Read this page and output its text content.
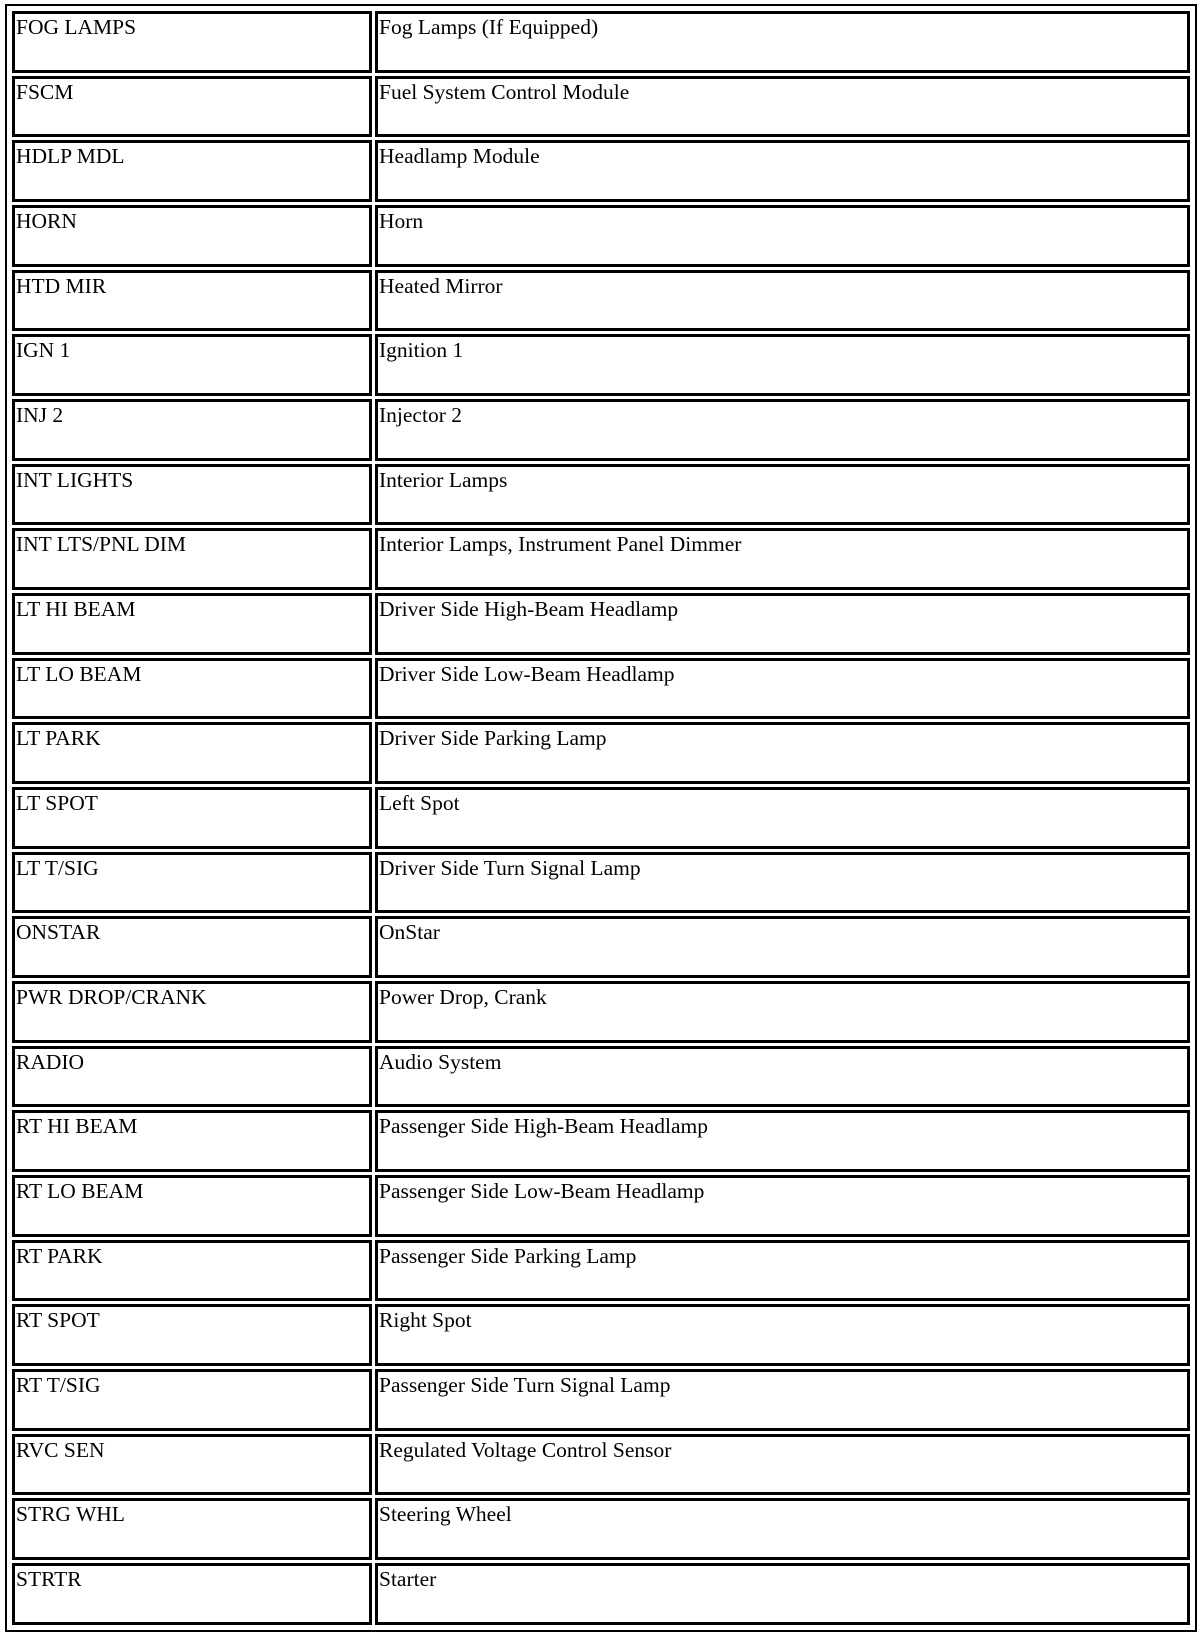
FOG LAMPS	Fog Lamps (If Equipped)
FSCM	Fuel System Control Module
HDLP MDL	Headlamp Module
HORN	Horn
HTD MIR	Heated Mirror
IGN 1	Ignition 1
INJ 2	Injector 2
INT LIGHTS	Interior Lamps
INT LTS/PNL DIM	Interior Lamps, Instrument Panel Dimmer
LT HI BEAM	Driver Side High-Beam Headlamp
LT LO BEAM	Driver Side Low-Beam Headlamp
LT PARK	Driver Side Parking Lamp
LT SPOT	Left Spot
LT T/SIG	Driver Side Turn Signal Lamp
ONSTAR	OnStar
PWR DROP/CRANK	Power Drop, Crank
RADIO	Audio System
RT HI BEAM	Passenger Side High-Beam Headlamp
RT LO BEAM	Passenger Side Low-Beam Headlamp
RT PARK	Passenger Side Parking Lamp
RT SPOT	Right Spot
RT T/SIG	Passenger Side Turn Signal Lamp
RVC SEN	Regulated Voltage Control Sensor
STRG WHL	Steering Wheel
STRTR	Starter
